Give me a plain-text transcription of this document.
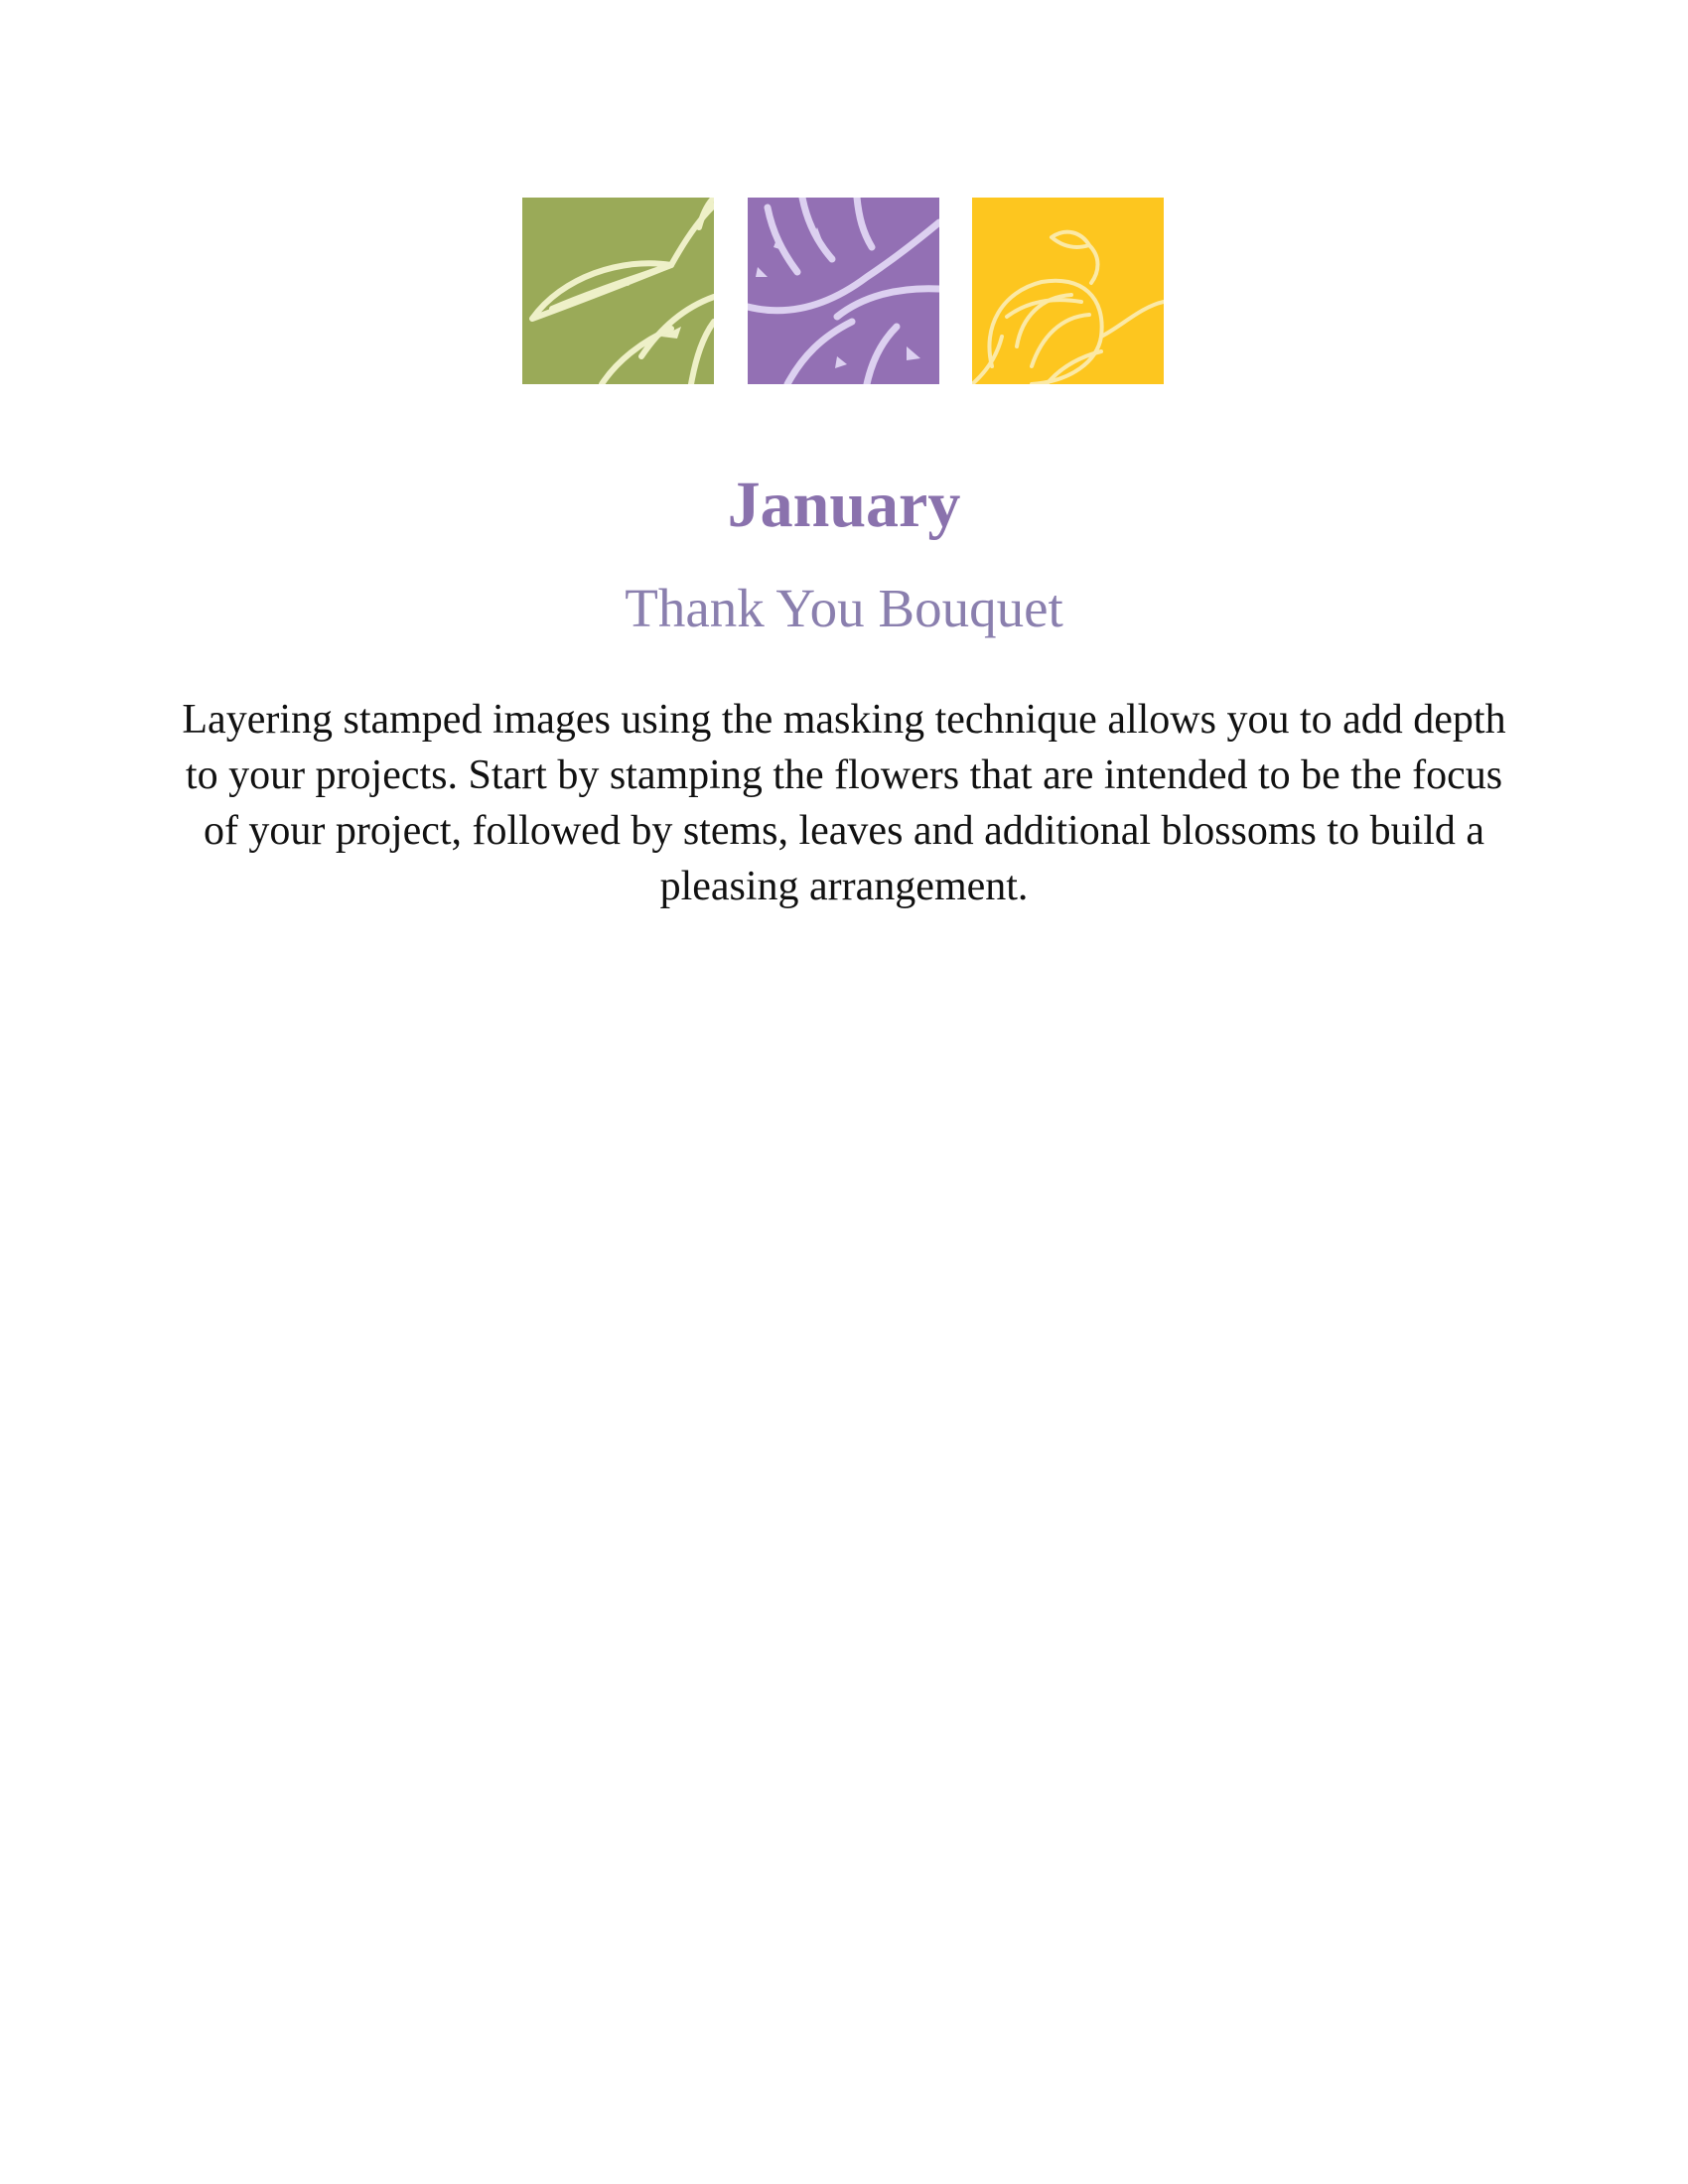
January
Thank You Bouquet

Layering stamped images using the masking technique allows you to add depth to your projects. Start by stamping the flowers that are intended to be the focus of your project, followed by stems, leaves and additional blossoms to build a pleasing arrangement.
